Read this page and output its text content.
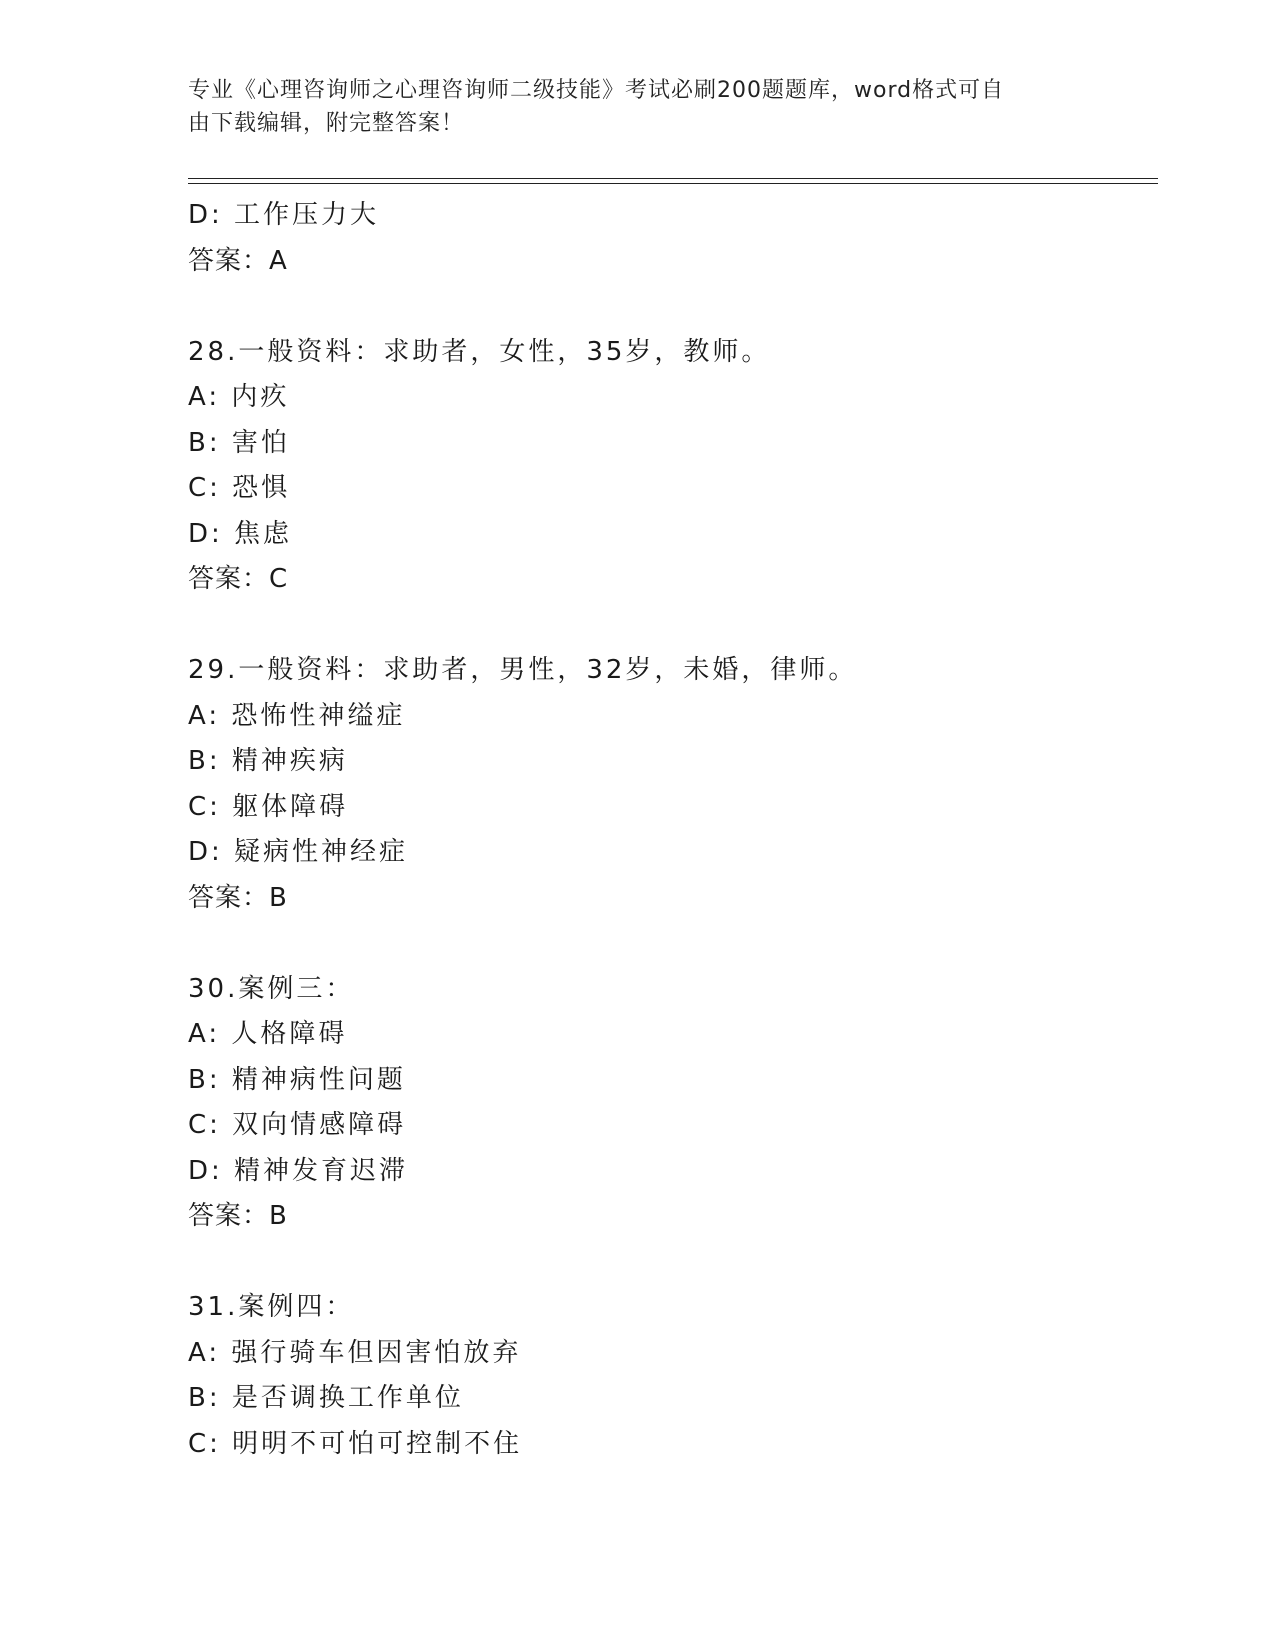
专业《心理咨询师之心理咨询师二级技能》考试必刷200题题库，word格式可自
由下载编辑，附完整答案！
D: 工作压力大
答案：A
28.一般资料：求助者，女性，35岁，教师。
A: 内疚
B: 害怕
C: 恐惧
D: 焦虑
答案：C
29.一般资料：求助者，男性，32岁，未婚，律师。
A: 恐怖性神缢症
B: 精神疾病
C: 躯体障碍
D: 疑病性神经症
答案：B
30.案例三：
A: 人格障碍
B: 精神病性问题
C: 双向情感障碍
D: 精神发育迟滞
答案：B
31.案例四：
A: 强行骑车但因害怕放弃
B: 是否调换工作单位
C: 明明不可怕可控制不住
